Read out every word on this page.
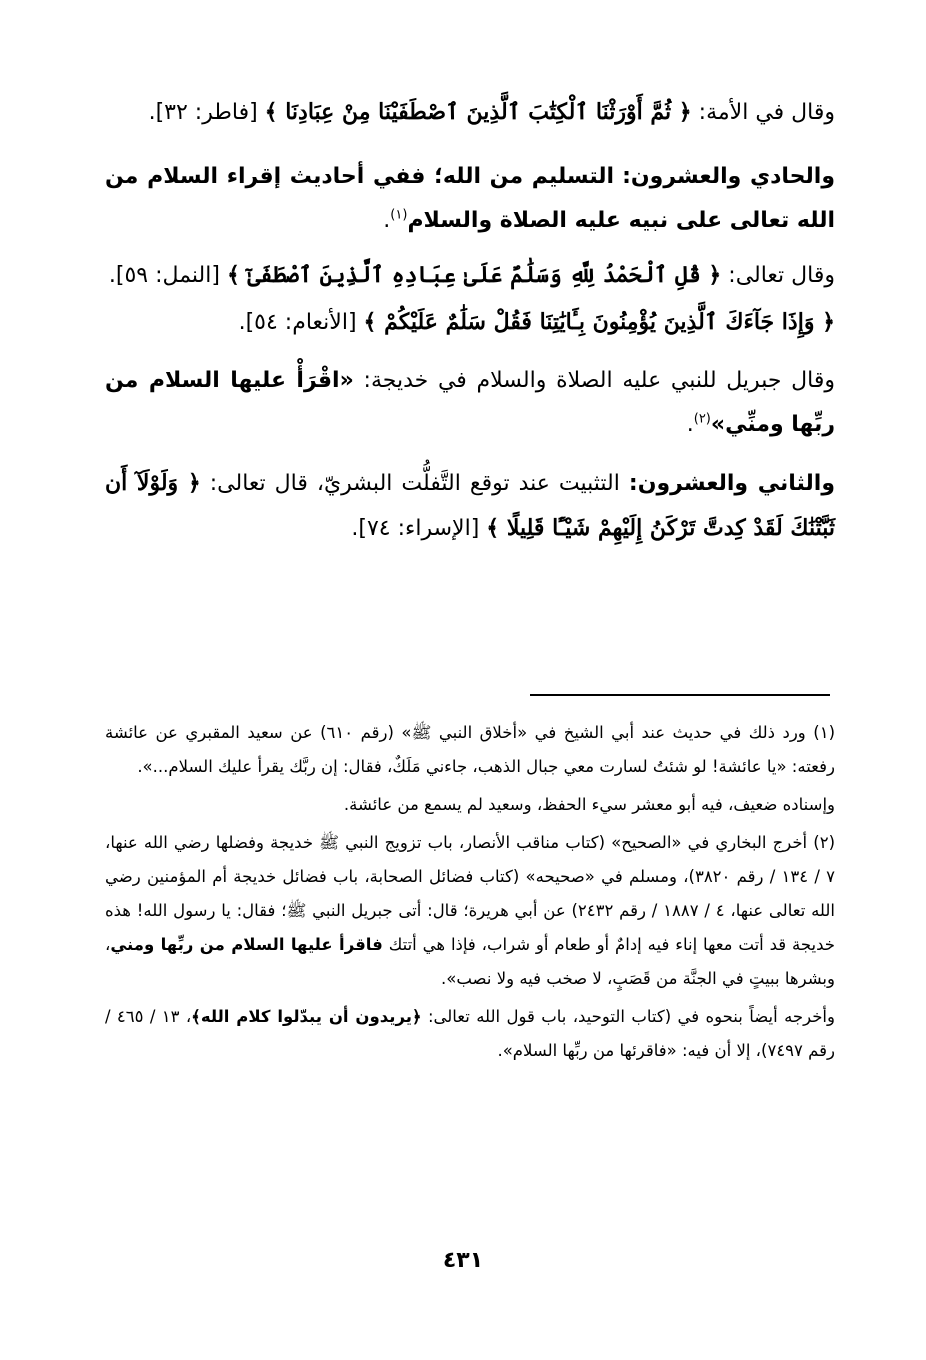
وقال في الأمة: ﴿ ثُمَّ أَوْرَثْنَا ٱلْكِتَٰبَ ٱلَّذِينَ ٱصْطَفَيْنَا مِنْ عِبَادِنَا ﴾ [فاطر: ٣٢].

والحادي والعشرون: التسليم من الله؛ ففي أحاديث إقراء السلام من الله تعالى على نبيه عليه الصلاة والسلام$^{(١)}$.

وقال تعالى: ﴿ قُلِ ٱلْحَمْدُ لِلَّهِ وَسَلَٰمٌ عَلَىٰ عِبَادِهِ ٱلَّذِينَ ٱصْطَفَىٰٓ ﴾ [النمل: ٥٩].

﴿ وَإِذَا جَآءَكَ ٱلَّذِينَ يُؤْمِنُونَ بِـَٔايَٰتِنَا فَقُلْ سَلَٰمٌ عَلَيْكُمْ ﴾ [الأنعام: ٥٤].

وقال جبريل للنبي عليه الصلاة والسلام في خديجة: «اقْرَأْ عليها السلام من ربِّها ومنِّي»$^{(٢)}$.

والثاني والعشرون: التثبيت عند توقع التَّفلُّت البشريّ، قال تعالى: ﴿ وَلَوْلَآ أَن ثَبَّتْنَٰكَ لَقَدْ كِدتَّ تَرْكَنُ إِلَيْهِمْ شَيْـًٔا قَلِيلًا ﴾ [الإسراء: ٧٤].

(١) ورد ذلك في حديث عند أبي الشيخ في «أخلاق النبي ﷺ» (رقم ٦١٠) عن سعيد المقبري عن عائشة رفعته: «يا عائشة! لو شئتُ لسارت معي جبال الذهب، جاءني مَلَكٌ، فقال: إن ربَّك يقرأ عليك السلام...».

وإسناده ضعيف، فيه أبو معشر سيء الحفظ، وسعيد لم يسمع من عائشة.

(٢) أخرج البخاري في «الصحيح» (كتاب مناقب الأنصار، باب تزويج النبي ﷺ خديجة وفضلها رضي الله عنها، ٧ / ١٣٤ / رقم ٣٨٢٠)، ومسلم في «صحيحه» (كتاب فضائل الصحابة، باب فضائل خديجة أم المؤمنين رضي الله تعالى عنها، ٤ / ١٨٨٧ / رقم ٢٤٣٢) عن أبي هريرة؛ قال: أتى جبريل النبي ﷺ؛ فقال: يا رسول الله! هذه خديجة قد أتت معها إناء فيه إدامٌ أو طعام أو شراب، فإذا هي أتتك فاقرأ عليها السلام من ربِّها ومني، وبشرها ببيتٍ في الجنَّة من قَصَبٍ، لا صخب فيه ولا نصب».

وأخرجه أيضاً بنحوه في (كتاب التوحيد، باب قول الله تعالى: ﴿يريدون أن يبدّلوا كلام الله﴾، ١٣ / ٤٦٥ / رقم ٧٤٩٧)، إلا أن فيه: «فاقرئها من ربِّها السلام».

٤٣١
